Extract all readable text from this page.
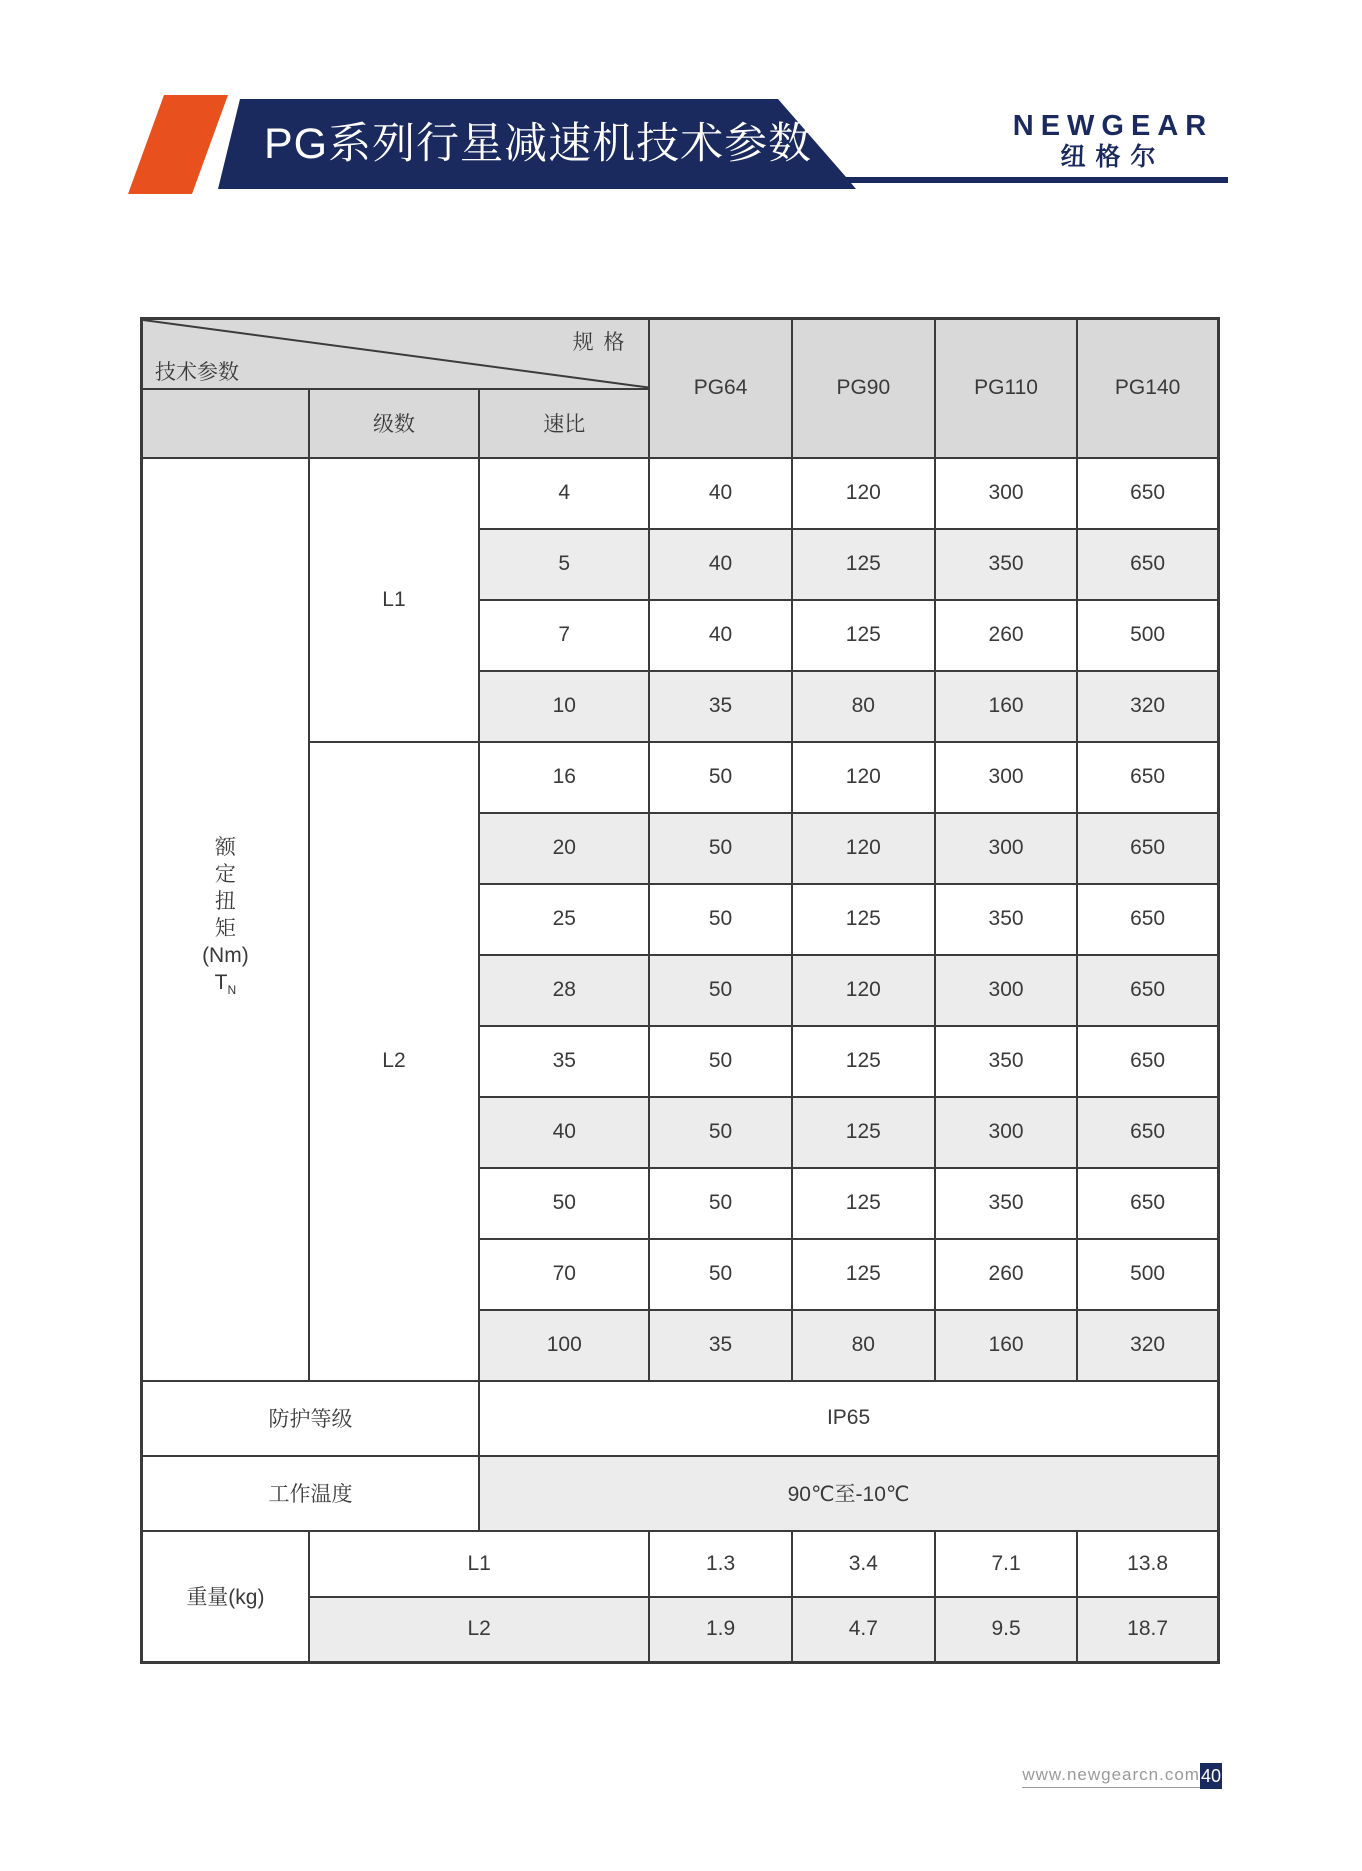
PG系列行星减速机技术参数	NEWGEAR
纽格尔
规 格
技术参数			PG64	PG90	PG110	PG140
	级数	速比				

额定扭矩
(Nm)
$T_N$	L1	4	40	120	300	650
		5	40	125	350	650
		7	40	125	260	500
		10	35	80	160	320
	L2	16	50	120	300	650
		20	50	120	300	650
		25	50	125	350	650
		28	50	120	300	650
		35	50	125	350	650
		40	50	125	300	650
		50	50	125	350	650
		70	50	125	260	500
		100	35	80	160	320
防护等级		IP65				
工作温度		90℃至-10℃				
重量(kg)	L1		1.3	3.4	7.1	13.8
	L2		1.9	4.7	9.5	18.7
www.newgearcn.com 40
